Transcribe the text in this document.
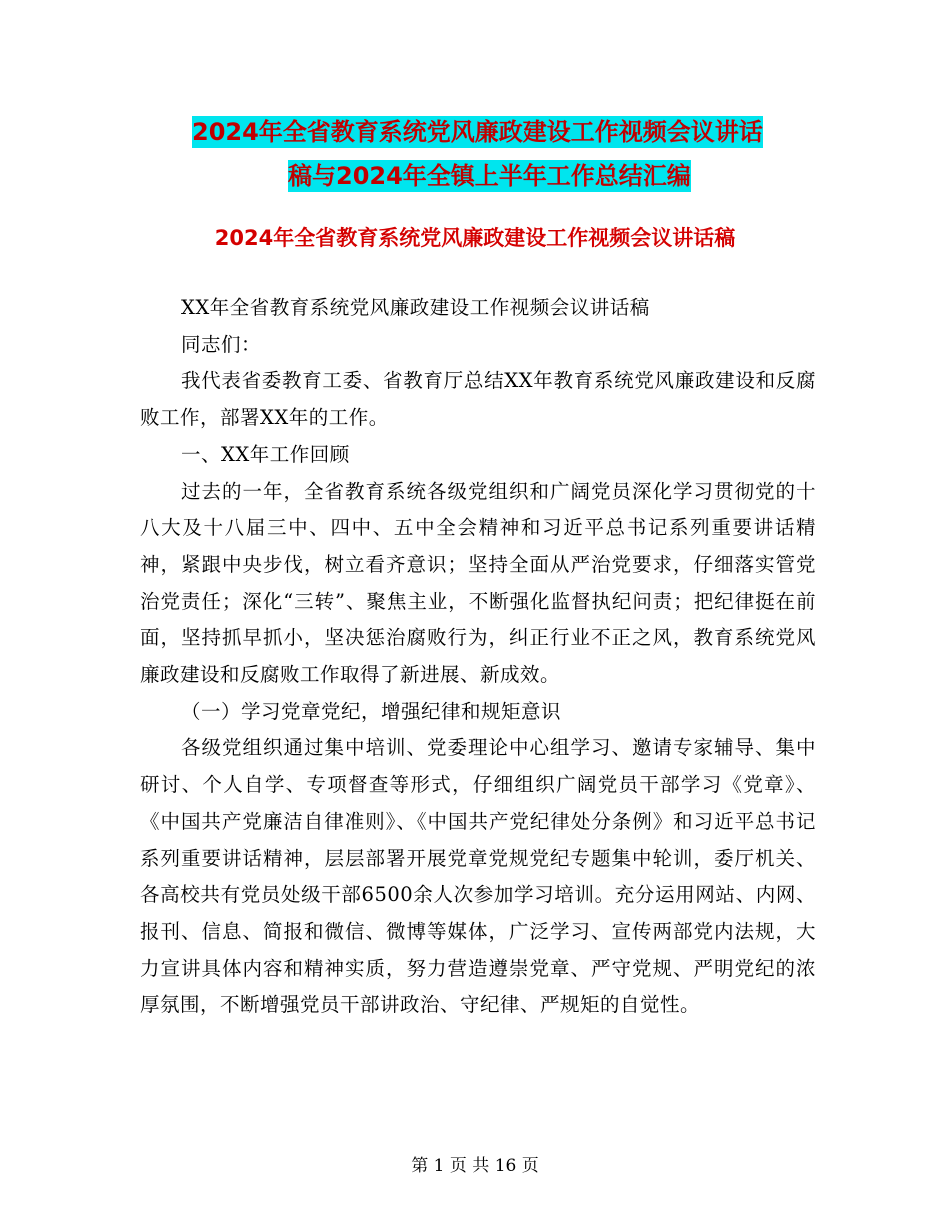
2024年全省教育系统党风廉政建设工作视频会议讲话
稿与2024年全镇上半年工作总结汇编
2024年全省教育系统党风廉政建设工作视频会议讲话稿

XX年全省教育系统党风廉政建设工作视频会议讲话稿

同志们：

我代表省委教育工委、省教育厅总结XX年教育系统党风廉政建设和反腐败工作，部署XX年的工作。

一、XX年工作回顾

过去的一年，全省教育系统各级党组织和广阔党员深化学习贯彻党的十八大及十八届三中、四中、五中全会精神和习近平总书记系列重要讲话精神，紧跟中央步伐，树立看齐意识；坚持全面从严治党要求，仔细落实管党治党责任；深化“三转”、聚焦主业，不断强化监督执纪问责；把纪律挺在前面，坚持抓早抓小，坚决惩治腐败行为，纠正行业不正之风，教育系统党风廉政建设和反腐败工作取得了新进展、新成效。

（一）学习党章党纪，增强纪律和规矩意识

各级党组织通过集中培训、党委理论中心组学习、邀请专家辅导、集中研讨、个人自学、专项督查等形式，仔细组织广阔党员干部学习《党章》、《中国共产党廉洁自律准则》、《中国共产党纪律处分条例》和习近平总书记系列重要讲话精神，层层部署开展党章党规党纪专题集中轮训，委厅机关、各高校共有党员处级干部6500余人次参加学习培训。充分运用网站、内网、报刊、信息、简报和微信、微博等媒体，广泛学习、宣传两部党内法规，大力宣讲具体内容和精神实质，努力营造遵崇党章、严守党规、严明党纪的浓厚氛围，不断增强党员干部讲政治、守纪律、严规矩的自觉性。

第 1 页 共 16 页
